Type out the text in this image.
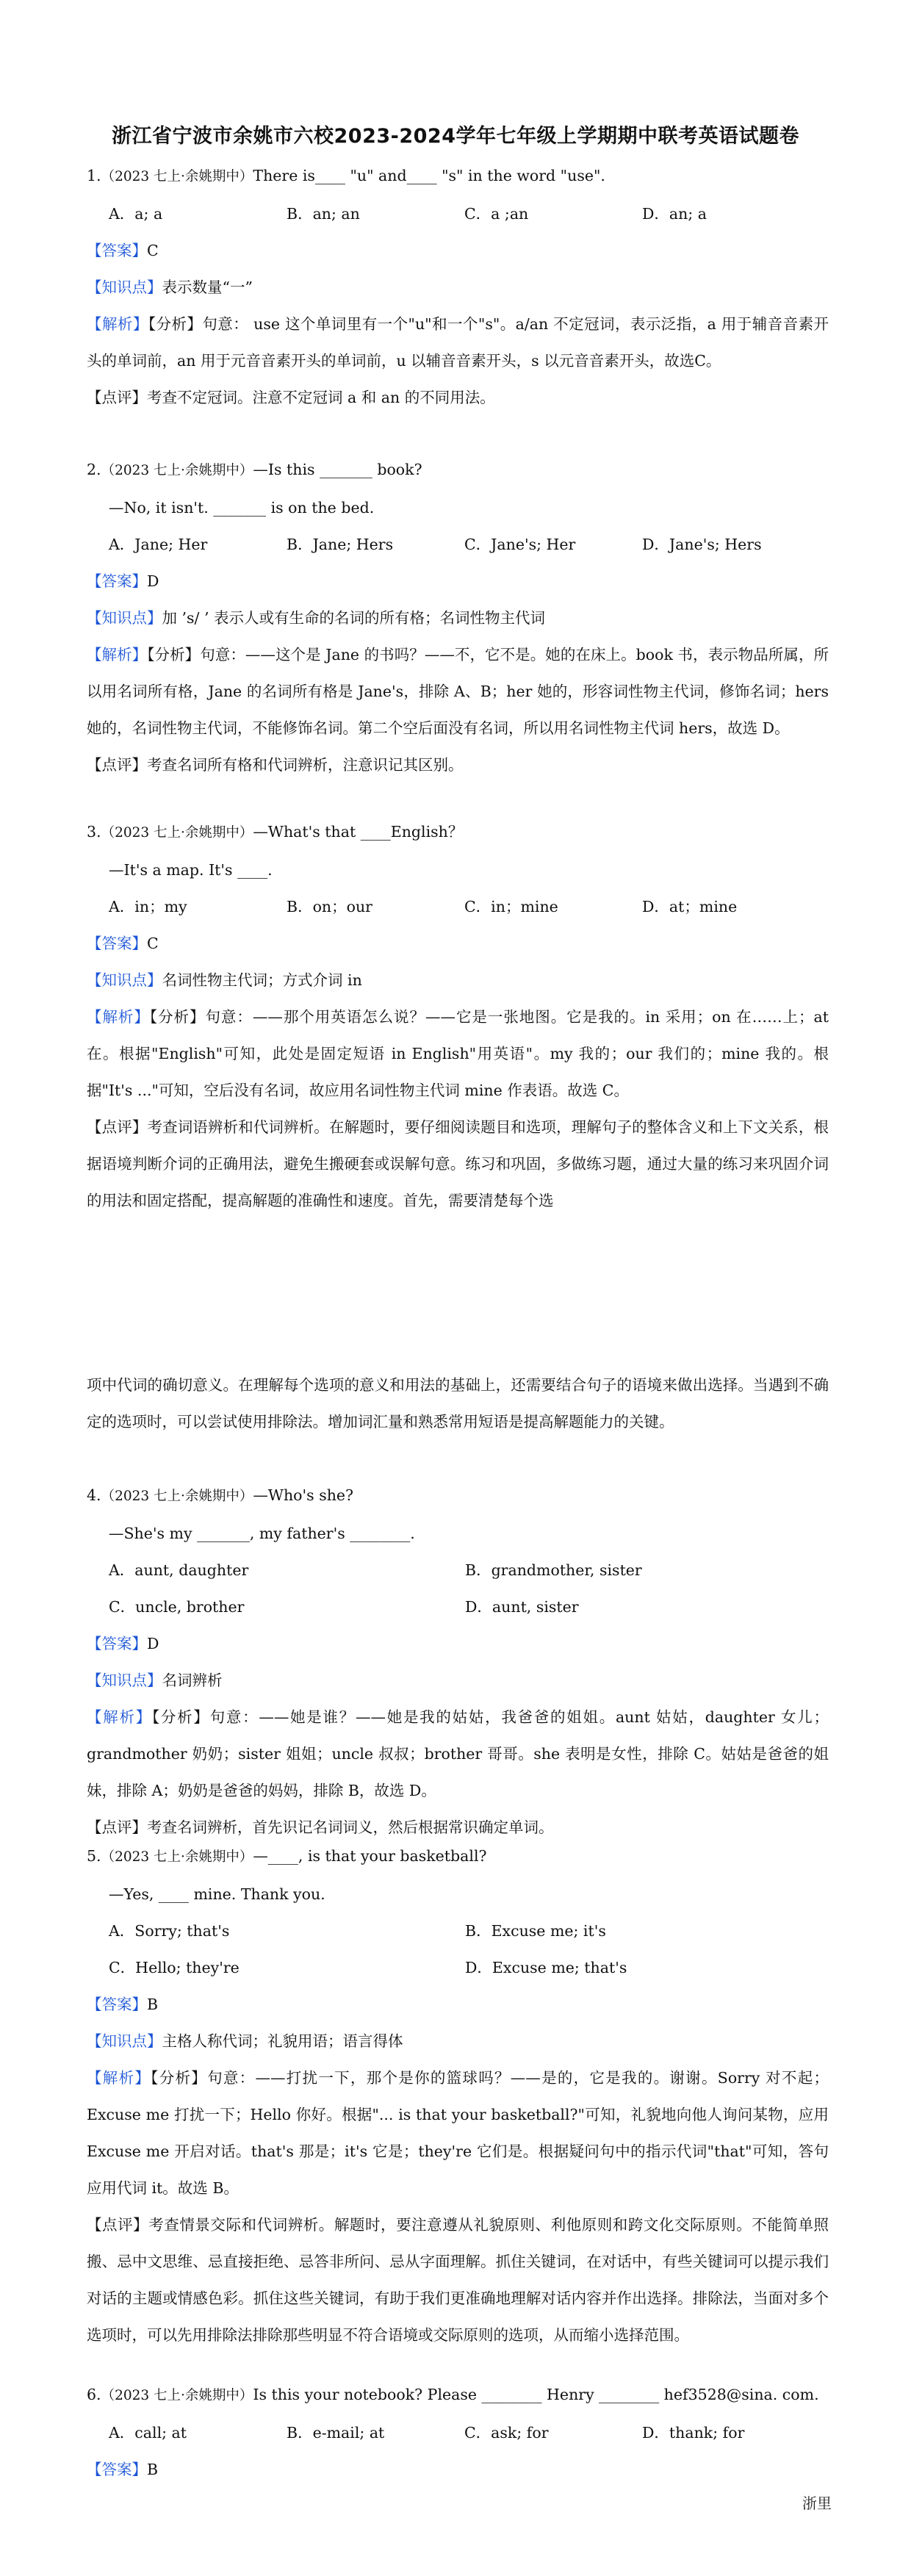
浙江省宁波市余姚市六校2023-2024学年七年级上学期期中联考英语试题卷
1.（2023 七上·余姚期中）There is____ "u" and____ "s" in the word "use".
A．a; a	B．an; an	C．a ;an	D．an; a
【答案】C
【知识点】表示数量“一”
【解析】【分析】句意： use 这个单词里有一个"u"和一个"s"。a/an 不定冠词，表示泛指，a 用于辅音音素开头的单词前，an 用于元音音素开头的单词前，u 以辅音音素开头，s 以元音音素开头，故选C。
【点评】考查不定冠词。注意不定冠词 a 和 an 的不同用法。
2.（2023 七上·余姚期中）—Is this _______ book?
—No, it isn't. _______ is on the bed.
A．Jane; Her	B．Jane; Hers	C．Jane's; Her	D．Jane's; Hers
【答案】D
【知识点】加 ’s/ ’ 表示人或有生命的名词的所有格；名词性物主代词
【解析】【分析】句意：——这个是 Jane 的书吗？——不，它不是。她的在床上。book 书，表示物品所属，所以用名词所有格，Jane 的名词所有格是 Jane's，排除 A、B；her 她的，形容词性物主代词，修饰名词；hers 她的，名词性物主代词，不能修饰名词。第二个空后面没有名词，所以用名词性物主代词 hers，故选 D。
【点评】考查名词所有格和代词辨析，注意识记其区别。
3.（2023 七上·余姚期中）—What's that ____English？
—It's a map. It's ____.
A．in；my	B．on；our	C．in；mine	D．at；mine
【答案】C
【知识点】名词性物主代词；方式介词 in
【解析】【分析】句意：——那个用英语怎么说？——它是一张地图。它是我的。in 采用；on 在……上；at 在。根据"English"可知，此处是固定短语 in English"用英语"。my 我的；our 我们的；mine 我的。根据"It's ..."可知，空后没有名词，故应用名词性物主代词 mine 作表语。故选 C。
【点评】考查词语辨析和代词辨析。在解题时，要仔细阅读题目和选项，理解句子的整体含义和上下文关系，根据语境判断介词的正确用法，避免生搬硬套或误解句意。练习和巩固，多做练习题，通过大量的练习来巩固介词的用法和固定搭配，提高解题的准确性和速度。首先，需要清楚每个选
项中代词的确切意义。在理解每个选项的意义和用法的基础上，还需要结合句子的语境来做出选择。当遇到不确定的选项时，可以尝试使用排除法。增加词汇量和熟悉常用短语是提高解题能力的关键。
4.（2023 七上·余姚期中）—Who's she?
—She's my _______, my father's ________.
A．aunt, daughter	B．grandmother, sister
C．uncle, brother	D．aunt, sister
【答案】D
【知识点】名词辨析
【解析】【分析】句意：——她是谁？——她是我的姑姑，我爸爸的姐姐。aunt 姑姑，daughter 女儿；grandmother 奶奶；sister 姐姐；uncle 叔叔；brother 哥哥。she 表明是女性，排除 C。姑姑是爸爸的姐妹，排除 A；奶奶是爸爸的妈妈，排除 B，故选 D。
【点评】考查名词辨析，首先识记名词词义，然后根据常识确定单词。
5.（2023 七上·余姚期中）—____, is that your basketball?
—Yes, ____ mine. Thank you.
A．Sorry; that's	B．Excuse me; it's
C．Hello; they're	D．Excuse me; that's
【答案】B
【知识点】主格人称代词；礼貌用语；语言得体
【解析】【分析】句意：——打扰一下，那个是你的篮球吗？——是的，它是我的。谢谢。Sorry 对不起；Excuse me 打扰一下；Hello 你好。根据"... is that your basketball?"可知，礼貌地向他人询问某物，应用 Excuse me 开启对话。that's 那是；it's 它是；they're 它们是。根据疑问句中的指示代词"that"可知，答句应用代词 it。故选 B。
【点评】考查情景交际和代词辨析。解题时，要注意遵从礼貌原则、利他原则和跨文化交际原则。不能简单照搬、忌中文思维、忌直接拒绝、忌答非所问、忌从字面理解。抓住关键词，在对话中，有些关键词可以提示我们对话的主题或情感色彩。抓住这些关键词，有助于我们更准确地理解对话内容并作出选择。排除法，当面对多个选项时，可以先用排除法排除那些明显不符合语境或交际原则的选项，从而缩小选择范围。
6.（2023 七上·余姚期中）Is this your notebook? Please ________ Henry ________ hef3528@sina. com.
A．call; at	B．e-mail; at	C．ask; for	D．thank; for
【答案】B
浙里
